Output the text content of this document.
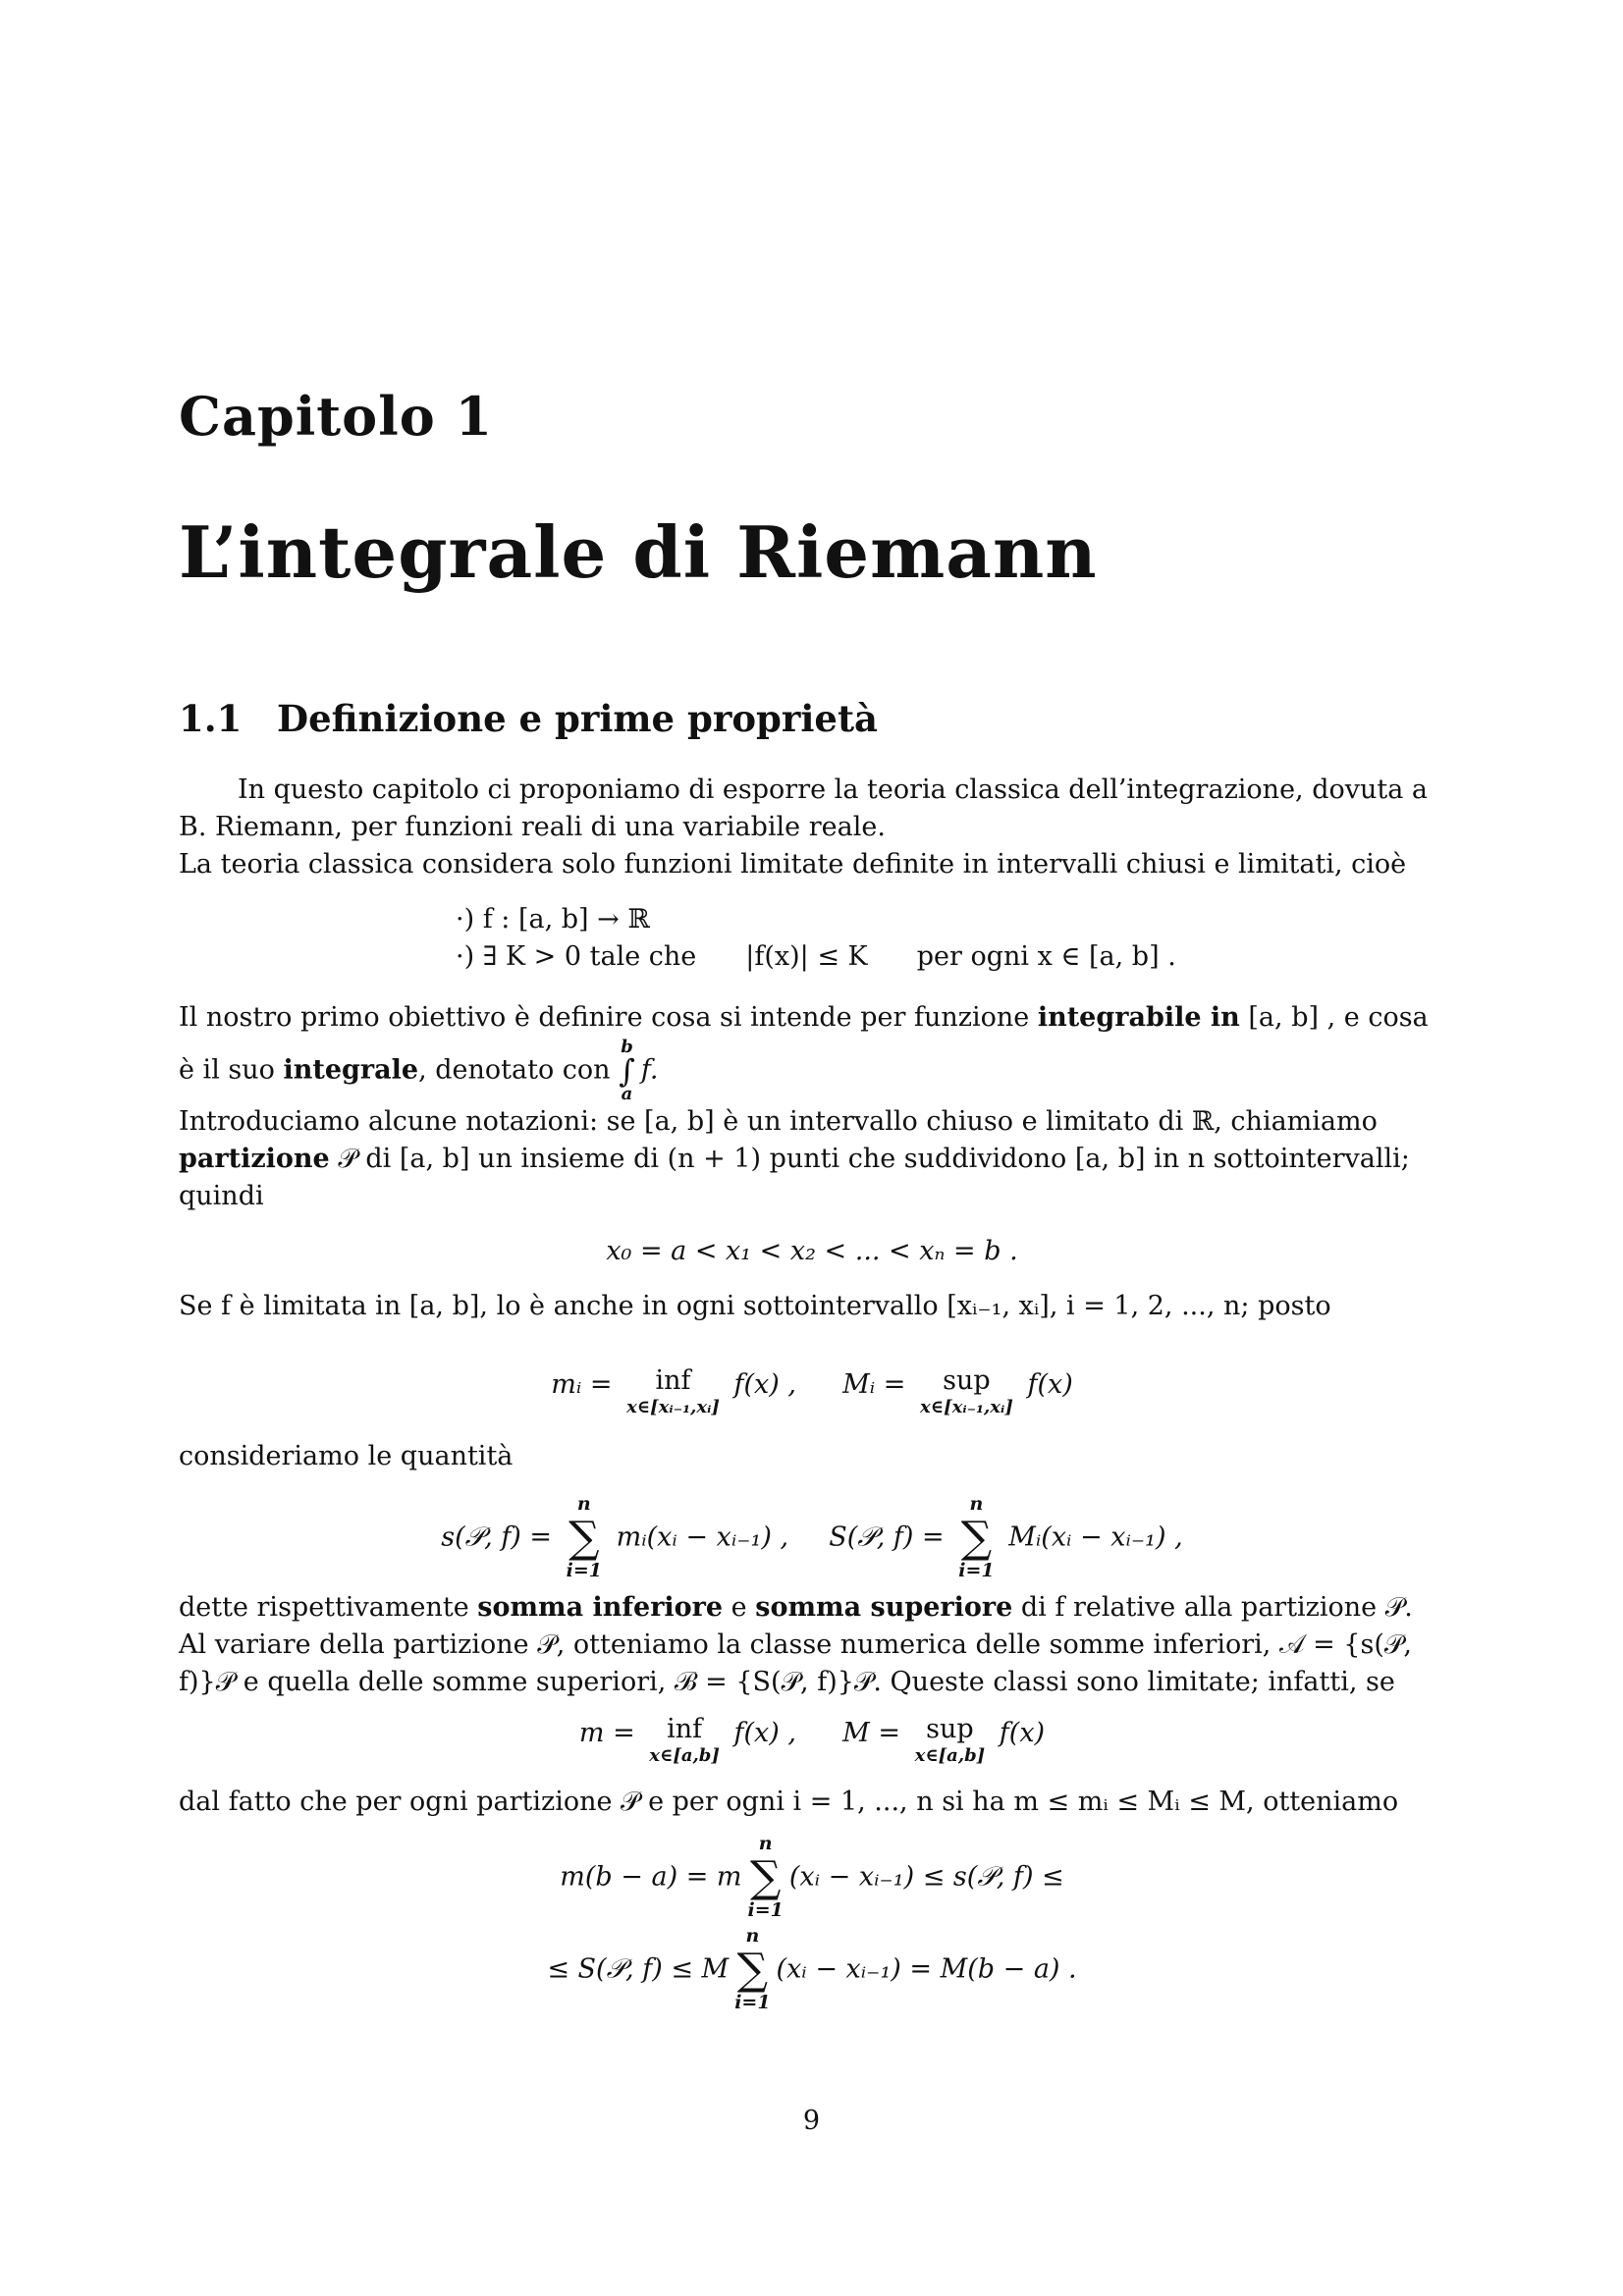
Capitolo 1
L’integrale di Riemann
1.1 Definizione e prime proprietà

In questo capitolo ci proponiamo di esporre la teoria classica dell’integrazione, dovuta a B. Riemann, per funzioni reali di una variabile reale.

La teoria classica considera solo funzioni limitate definite in intervalli chiusi e limitati, cioè

·) f : [a, b] → ℝ
·) ∃ K > 0 tale che |f(x)| ≤ K per ogni x ∈ [a, b] .

Il nostro primo obiettivo è definire cosa si intende per funzione integrabile in [a, b] , e cosa è il suo integrale, denotato con
b
∫
a
f.

Introduciamo alcune notazioni: se [a, b] è un intervallo chiuso e limitato di ℝ, chiamiamo partizione 𝒫 di [a, b] un insieme di (n + 1) punti che suddividono [a, b] in n sottointervalli; quindi

x₀ = a < x₁ < x₂ < ... < xₙ = b .

Se f è limitata in [a, b], lo è anche in ogni sottointervallo [xᵢ₋₁, xᵢ], i = 1, 2, ..., n; posto

mᵢ = inf
x∈[xᵢ₋₁,xᵢ]
f(x) , Mᵢ = sup
x∈[xᵢ₋₁,xᵢ]
f(x)

consideriamo le quantità

s(𝒫, f) =
n
∑
i=1
mᵢ(xᵢ − xᵢ₋₁) , S(𝒫, f) =
n
∑
i=1
Mᵢ(xᵢ − xᵢ₋₁) ,

dette rispettivamente somma inferiore e somma superiore di f relative alla partizione 𝒫.

Al variare della partizione 𝒫, otteniamo la classe numerica delle somme inferiori, 𝒜 = {s(𝒫, f)}𝒫 e quella delle somme superiori, ℬ = {S(𝒫, f)}𝒫. Queste classi sono limitate; infatti, se

m = inf
x∈[a,b]
f(x) , M = sup
x∈[a,b]
f(x)

dal fatto che per ogni partizione 𝒫 e per ogni i = 1, ..., n si ha m ≤ mᵢ ≤ Mᵢ ≤ M, otteniamo

m(b − a) = m
n
∑
i=1
(xᵢ − xᵢ₋₁) ≤ s(𝒫, f) ≤
≤ S(𝒫, f) ≤ M
n
∑
i=1
(xᵢ − xᵢ₋₁) = M(b − a) .
9
